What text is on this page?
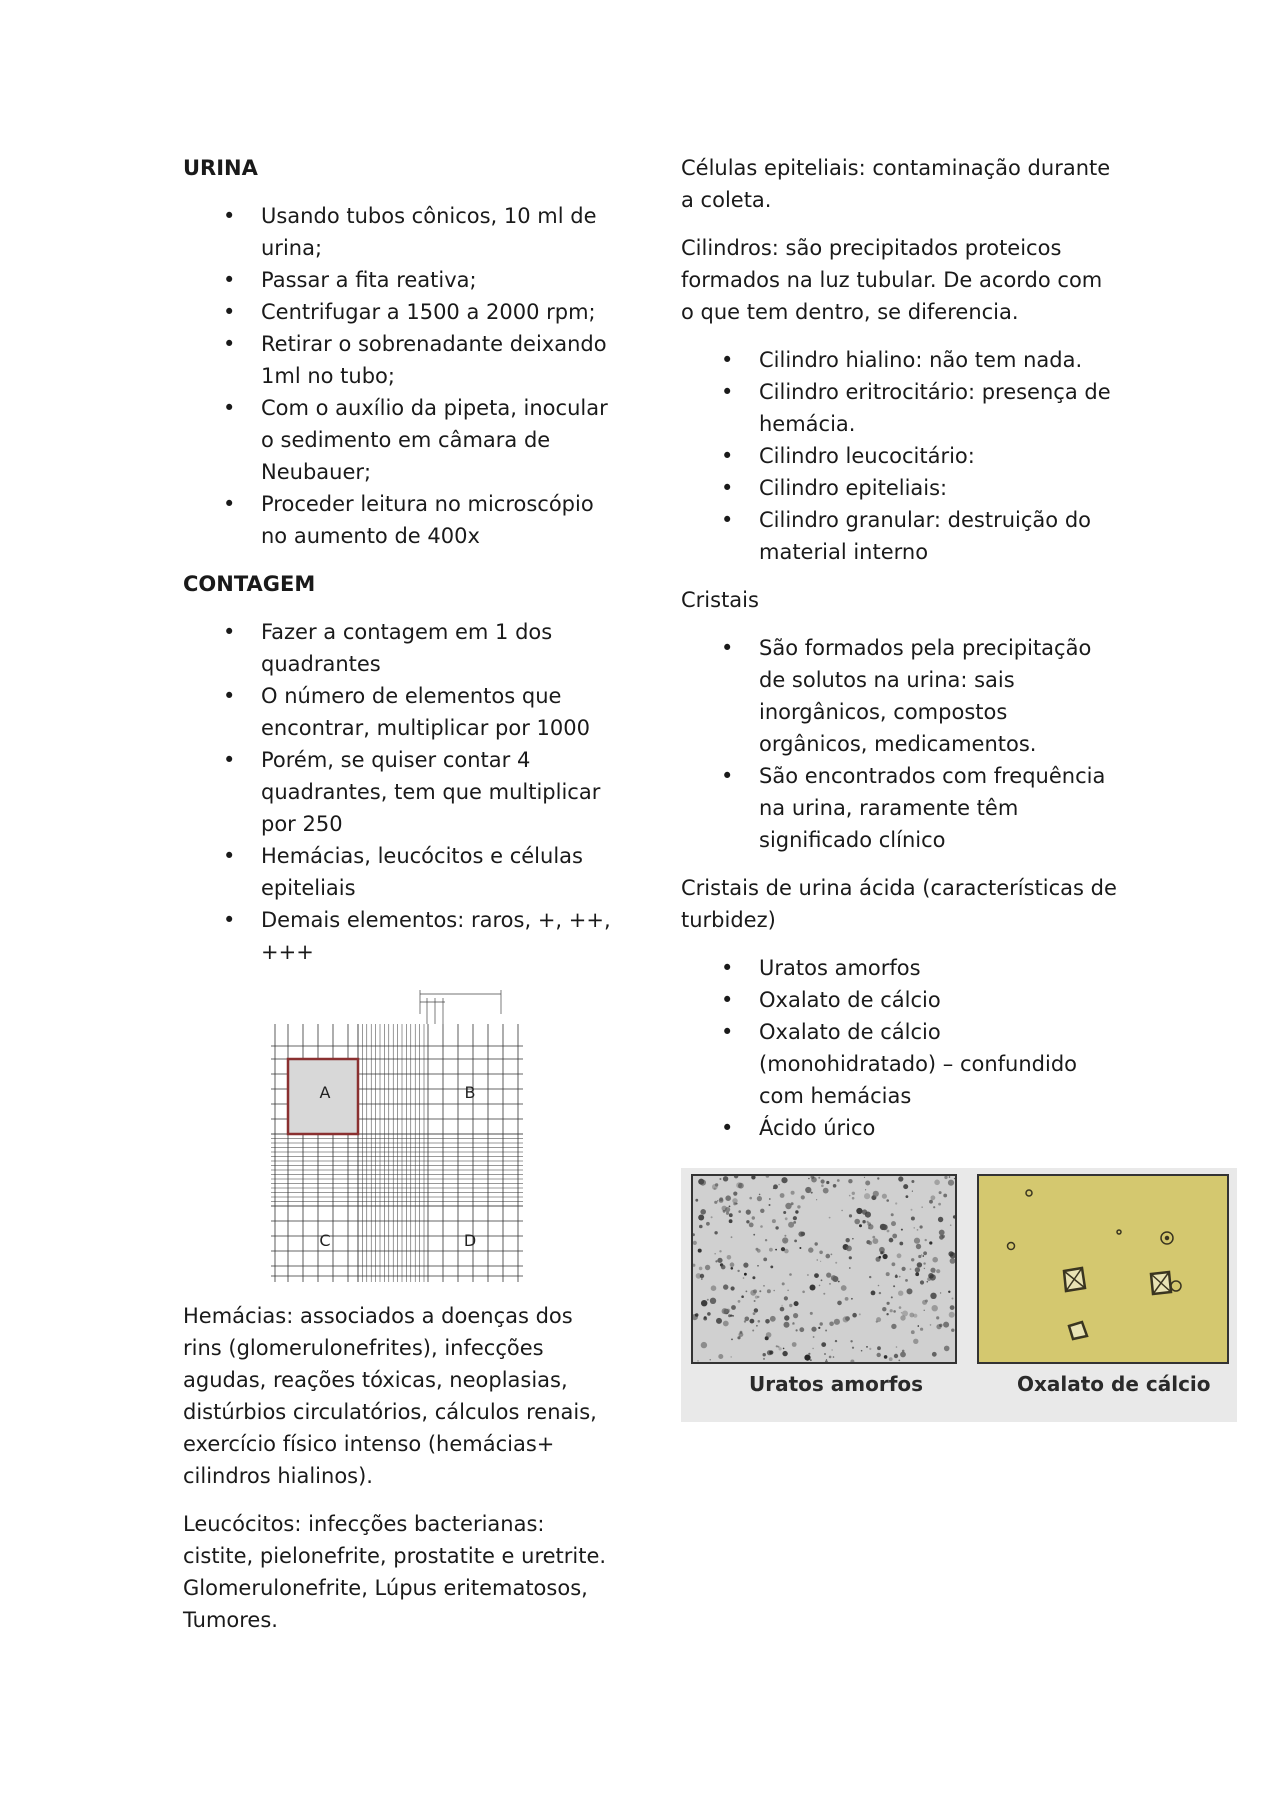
URINA
• Usando tubos cônicos, 10 ml de urina;
• Passar a fita reativa;
• Centrifugar a 1500 a 2000 rpm;
• Retirar o sobrenadante deixando 1ml no tubo;
• Com o auxílio da pipeta, inocular o sedimento em câmara de Neubauer;
• Proceder leitura no microscópio no aumento de 400x
CONTAGEM
• Fazer a contagem em 1 dos quadrantes
• O número de elementos que encontrar, multiplicar por 1000
• Porém, se quiser contar 4 quadrantes, tem que multiplicar por 250
• Hemácias, leucócitos e células epiteliais
• Demais elementos: raros, +, ++, +++
A	B
C	D

Hemácias: associados a doenças dos rins (glomerulonefrites), infecções agudas, reações tóxicas, neoplasias, distúrbios circulatórios, cálculos renais, exercício físico intenso (hemácias+ cilindros hialinos).

Leucócitos: infecções bacterianas: cistite, pielonefrite, prostatite e uretrite. Glomerulonefrite, Lúpus eritematosos, Tumores.

Células epiteliais: contaminação durante a coleta.

Cilindros: são precipitados proteicos formados na luz tubular. De acordo com o que tem dentro, se diferencia.

• Cilindro hialino: não tem nada.
• Cilindro eritrocitário: presença de hemácia.
• Cilindro leucocitário:
• Cilindro epiteliais:
• Cilindro granular: destruição do material interno

Cristais

• São formados pela precipitação de solutos na urina: sais inorgânicos, compostos orgânicos, medicamentos.
• São encontrados com frequência na urina, raramente têm significado clínico

Cristais de urina ácida (características de turbidez)

• Uratos amorfos
• Oxalato de cálcio
• Oxalato de cálcio (monohidratado) – confundido com hemácias
• Ácido úrico
Uratos amorfos	Oxalato de cálcio
